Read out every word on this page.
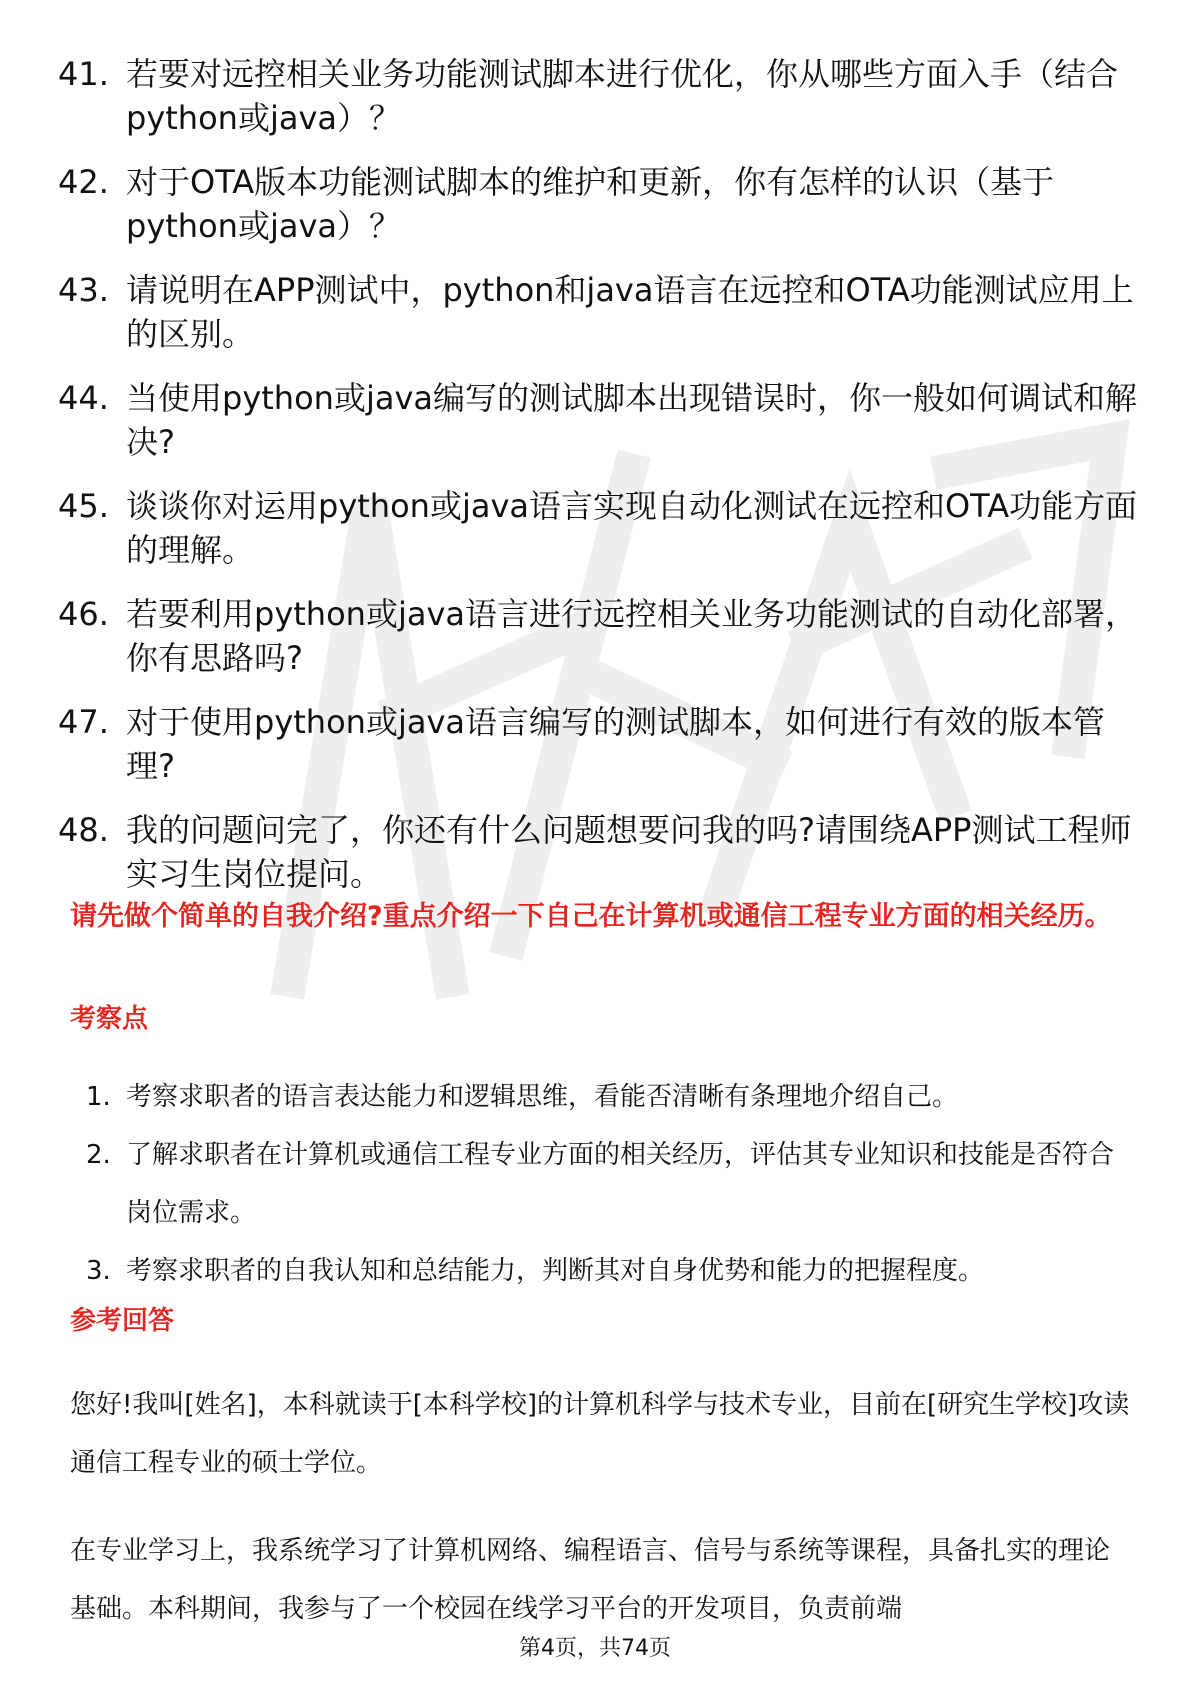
41. 若要对远控相关业务功能测试脚本进行优化，你从哪些方面入手（结合python或java）？
42. 对于OTA版本功能测试脚本的维护和更新，你有怎样的认识（基于python或java）？
43. 请说明在APP测试中，python和java语言在远控和OTA功能测试应用上的区别。
44. 当使用python或java编写的测试脚本出现错误时，你一般如何调试和解决?
45. 谈谈你对运用python或java语言实现自动化测试在远控和OTA功能方面的理解。
46. 若要利用python或java语言进行远控相关业务功能测试的自动化部署，你有思路吗?
47. 对于使用python或java语言编写的测试脚本，如何进行有效的版本管理?
48. 我的问题问完了，你还有什么问题想要问我的吗?请围绕APP测试工程师实习生岗位提问。
请先做个简单的自我介绍?重点介绍一下自己在计算机或通信工程专业方面的相关经历。
考察点
1. 考察求职者的语言表达能力和逻辑思维，看能否清晰有条理地介绍自己。
2. 了解求职者在计算机或通信工程专业方面的相关经历，评估其专业知识和技能是否符合岗位需求。
3. 考察求职者的自我认知和总结能力，判断其对自身优势和能力的把握程度。
参考回答
您好!我叫[姓名]，本科就读于[本科学校]的计算机科学与技术专业，目前在[研究生学校]攻读通信工程专业的硕士学位。
在专业学习上，我系统学习了计算机网络、编程语言、信号与系统等课程，具备扎实的理论基础。本科期间，我参与了一个校园在线学习平台的开发项目，负责前端
第4页，共74页
